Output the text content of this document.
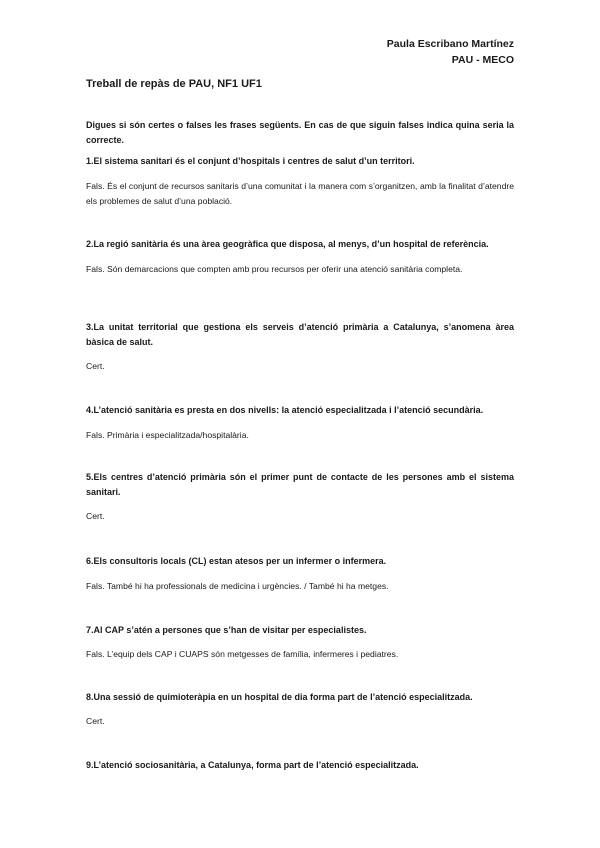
Paula Escribano Martínez
PAU - MECO
Treball de repàs de PAU, NF1 UF1

Digues si són certes o falses les frases següents. En cas de que siguin falses indica quina seria la correcte.

1.El sistema sanitari és el conjunt d’hospitals i centres de salut d’un territori.

Fals. És el conjunt de recursos sanitaris d’una comunitat i la manera com s’organitzen, amb la finalitat d’atendre els problemes de salut d’una població.

2.La regió sanitària és una àrea geogràfica que disposa, al menys, d’un hospital de referència.

Fals. Són demarcacions que compten amb prou recursos per oferir una atenció sanitària completa.

3.La unitat territorial que gestiona els serveis d’atenció primària a Catalunya, s’anomena àrea bàsica de salut.

Cert.

4.L’atenció sanitària es presta en dos nivells: la atenció especialitzada i l’atenció secundària.

Fals. Primària i especialitzada/hospitalària.

5.Els centres d’atenció primària són el primer punt de contacte de les persones amb el sistema sanitari.

Cert.

6.Els consultoris locals (CL) estan atesos per un infermer o infermera.

Fals. També hi ha professionals de medicina i urgències. / També hi ha metges.

7.Al CAP s’atén a persones que s’han de visitar per especialistes.

Fals. L’equip dels CAP i CUAPS són metgesses de família, infermeres i pediatres.

8.Una sessió de quimioteràpia en un hospital de dia forma part de l’atenció especialitzada.

Cert.

9.L’atenció sociosanitària, a Catalunya, forma part de l’atenció especialitzada.
